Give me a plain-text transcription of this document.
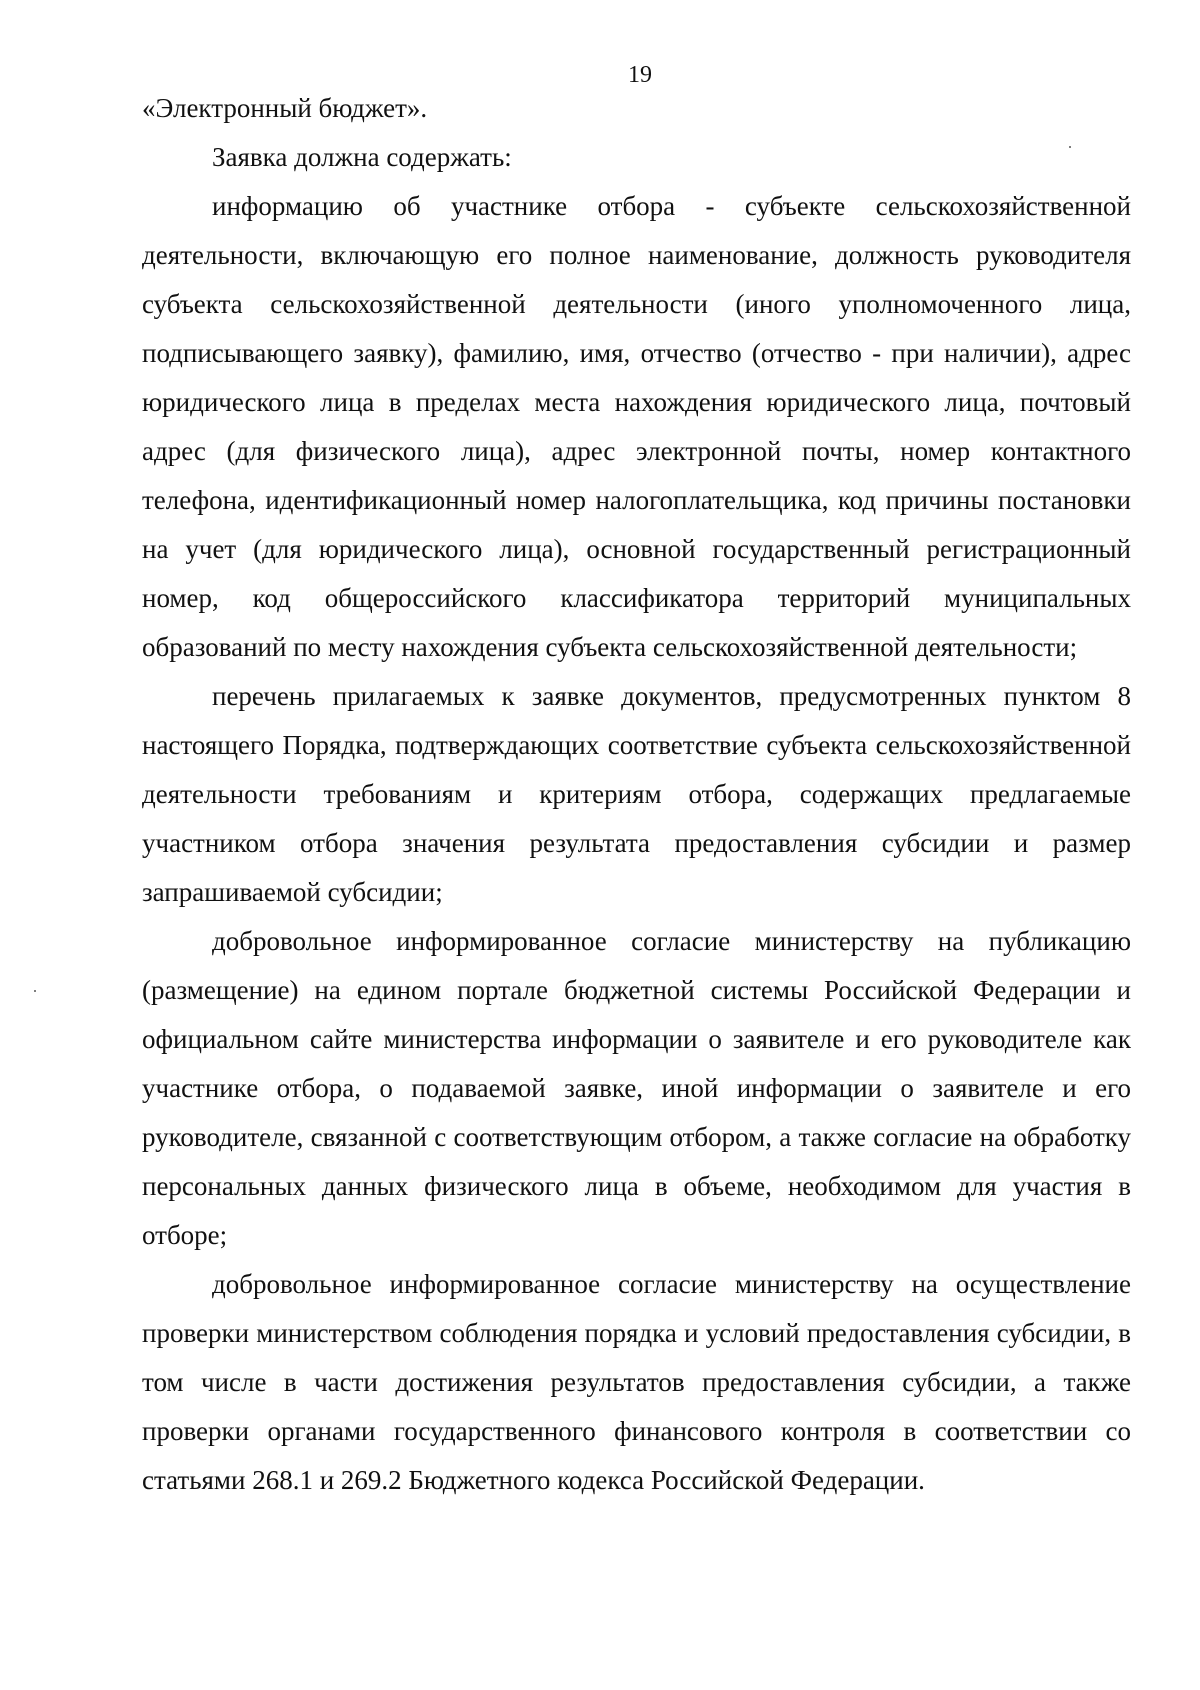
19

«Электронный бюджет».

Заявка должна содержать:

информацию об участнике отбора - субъекте сельскохозяйственной деятельности, включающую его полное наименование, должность руководителя субъекта сельскохозяйственной деятельности (иного уполномоченного лица, подписывающего заявку), фамилию, имя, отчество (отчество - при наличии), адрес юридического лица в пределах места нахождения юридического лица, почтовый адрес (для физического лица), адрес электронной почты, номер контактного телефона, идентификационный номер налогоплательщика, код причины постановки на учет (для юридического лица), основной государственный регистрационный номер, код общероссийского классификатора территорий муниципальных образований по месту нахождения субъекта сельскохозяйственной деятельности;

перечень прилагаемых к заявке документов, предусмотренных пунктом 8 настоящего Порядка, подтверждающих соответствие субъекта сельскохозяйственной деятельности требованиям и критериям отбора, содержащих предлагаемые участником отбора значения результата предоставления субсидии и размер запрашиваемой субсидии;

добровольное информированное согласие министерству на публикацию (размещение) на едином портале бюджетной системы Российской Федерации и официальном сайте министерства информации о заявителе и его руководителе как участнике отбора, о подаваемой заявке, иной информации о заявителе и его руководителе, связанной с соответствующим отбором, а также согласие на обработку персональных данных физического лица в объеме, необходимом для участия в отборе;

добровольное информированное согласие министерству на осуществление проверки министерством соблюдения порядка и условий предоставления субсидии, в том числе в части достижения результатов предоставления субсидии, а также проверки органами государственного финансового контроля в соответствии со статьями 268.1 и 269.2 Бюджетного кодекса Российской Федерации.
